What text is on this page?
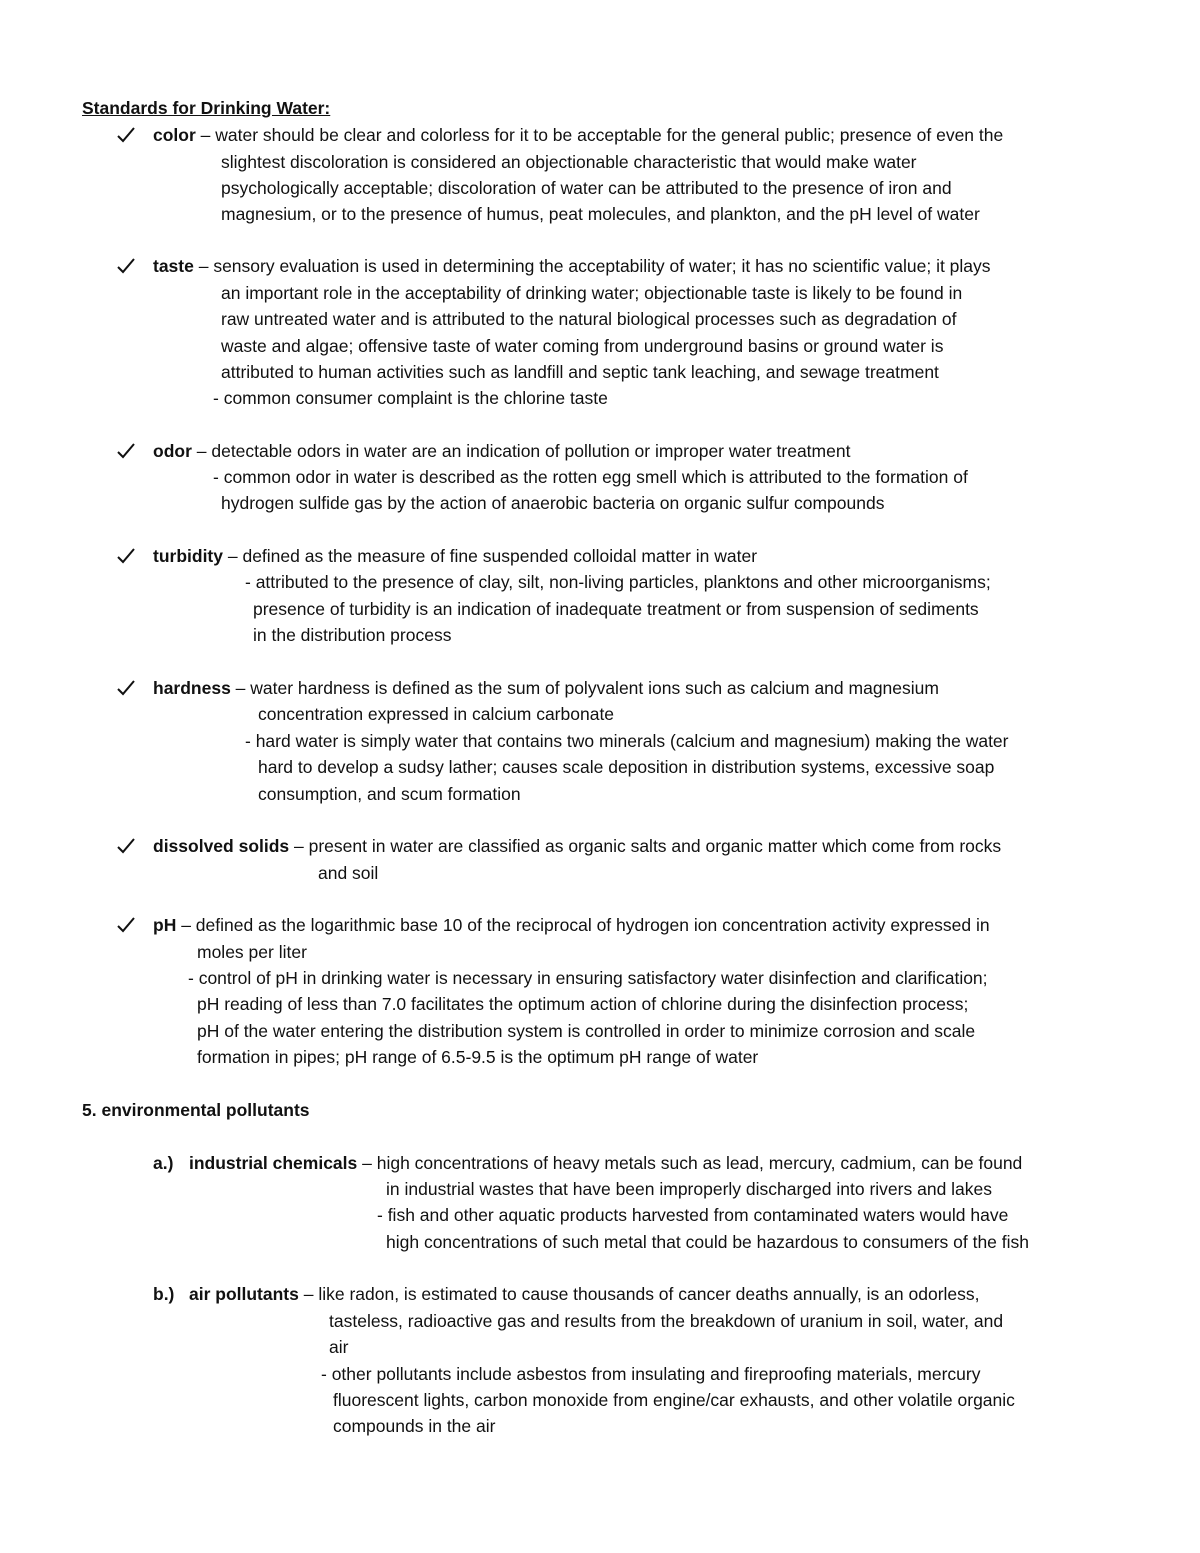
Standards for Drinking Water:
color – water should be clear and colorless for it to be acceptable for the general public; presence of even the
slightest discoloration is considered an objectionable characteristic that would make water
psychologically acceptable; discoloration of water can be attributed to the presence of iron and
magnesium, or to the presence of humus, peat molecules, and plankton, and the pH level of water
taste – sensory evaluation is used in determining the acceptability of water; it has no scientific value; it plays
an important role in the acceptability of drinking water; objectionable taste is likely to be found in
raw untreated water and is attributed to the natural biological processes such as degradation of
waste and algae; offensive taste of water coming from underground basins or ground water is
attributed to human activities such as landfill and septic tank leaching, and sewage treatment
- common consumer complaint is the chlorine taste
odor – detectable odors in water are an indication of pollution or improper water treatment
- common odor in water is described as the rotten egg smell which is attributed to the formation of
hydrogen sulfide gas by the action of anaerobic bacteria on organic sulfur compounds
turbidity – defined as the measure of fine suspended colloidal matter in water
- attributed to the presence of clay, silt, non-living particles, planktons and other microorganisms;
presence of turbidity is an indication of inadequate treatment or from suspension of sediments
in the distribution process
hardness – water hardness is defined as the sum of polyvalent ions such as calcium and magnesium
concentration expressed in calcium carbonate
- hard water is simply water that contains two minerals (calcium and magnesium) making the water
hard to develop a sudsy lather; causes scale deposition in distribution systems, excessive soap
consumption, and scum formation
dissolved solids – present in water are classified as organic salts and organic matter which come from rocks
and soil
pH – defined as the logarithmic base 10 of the reciprocal of hydrogen ion concentration activity expressed in
moles per liter
- control of pH in drinking water is necessary in ensuring satisfactory water disinfection and clarification;
pH reading of less than 7.0 facilitates the optimum action of chlorine during the disinfection process;
pH of the water entering the distribution system is controlled in order to minimize corrosion and scale
formation in pipes; pH range of 6.5-9.5 is the optimum pH range of water
5. environmental pollutants
a.) industrial chemicals – high concentrations of heavy metals such as lead, mercury, cadmium, can be found
in industrial wastes that have been improperly discharged into rivers and lakes
- fish and other aquatic products harvested from contaminated waters would have
high concentrations of such metal that could be hazardous to consumers of the fish
b.) air pollutants – like radon, is estimated to cause thousands of cancer deaths annually, is an odorless,
tasteless, radioactive gas and results from the breakdown of uranium in soil, water, and
air
- other pollutants include asbestos from insulating and fireproofing materials, mercury
fluorescent lights, carbon monoxide from engine/car exhausts, and other volatile organic
compounds in the air
